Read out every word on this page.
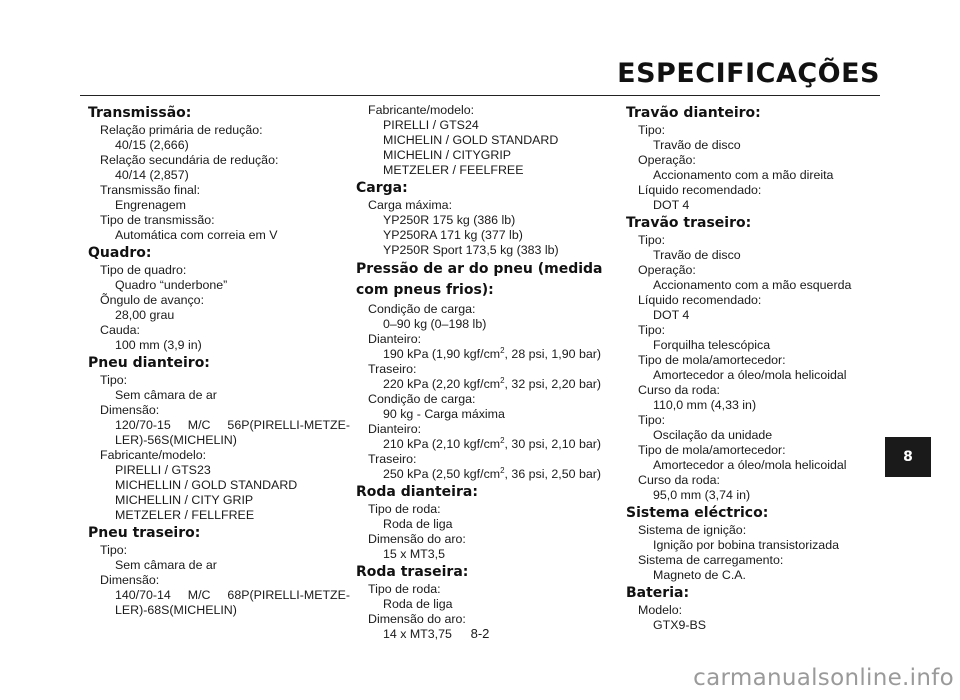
ESPECIFICAÇÕES
Transmissão:
Relação primária de redução:
40/15 (2,666)
Relação secundária de redução:
40/14 (2,857)
Transmissão final:
Engrenagem
Tipo de transmissão:
Automática com correia em V
Quadro:
Tipo de quadro:
Quadro “underbone”
Õngulo de avanço:
28,00 grau
Cauda:
100 mm (3,9 in)
Pneu dianteiro:
Tipo:
Sem câmara de ar
Dimensão:
120/70-15 M/C 56P(PIRELLI-METZE-
LER)-56S(MICHELIN)
Fabricante/modelo:
PIRELLI / GTS23
MICHELLIN / GOLD STANDARD
MICHELLIN / CITY GRIP
METZELER / FELLFREE
Pneu traseiro:
Tipo:
Sem câmara de ar
Dimensão:
140/70-14 M/C 68P(PIRELLI-METZE-
LER)-68S(MICHELIN)
Fabricante/modelo:
PIRELLI / GTS24
MICHELIN / GOLD STANDARD
MICHELIN / CITYGRIP
METZELER / FEELFREE
Carga:
Carga máxima:
YP250R 175 kg (386 lb)
YP250RA 171 kg (377 lb)
YP250R Sport 173,5 kg (383 lb)
Pressão de ar do pneu (medida com pneus frios):
Condição de carga:
0–90 kg (0–198 lb)
Dianteiro:
190 kPa (1,90 kgf/$cm^2$, 28 psi, 1,90 bar)
Traseiro:
220 kPa (2,20 kgf/$cm^2$, 32 psi, 2,20 bar)
Condição de carga:
90 kg - Carga máxima
Dianteiro:
210 kPa (2,10 kgf/$cm^2$, 30 psi, 2,10 bar)
Traseiro:
250 kPa (2,50 kgf/$cm^2$, 36 psi, 2,50 bar)
Roda dianteira:
Tipo de roda:
Roda de liga
Dimensão do aro:
15 x MT3,5
Roda traseira:
Tipo de roda:
Roda de liga
Dimensão do aro:
14 x MT3,75
Travão dianteiro:
Tipo:
Travão de disco
Operação:
Accionamento com a mão direita
Líquido recomendado:
DOT 4
Travão traseiro:
Tipo:
Travão de disco
Operação:
Accionamento com a mão esquerda
Líquido recomendado:
DOT 4
Tipo:
Forquilha telescópica
Tipo de mola/amortecedor:
Amortecedor a óleo/mola helicoidal
Curso da roda:
110,0 mm (4,33 in)
Tipo:
Oscilação da unidade
Tipo de mola/amortecedor:
Amortecedor a óleo/mola helicoidal
Curso da roda:
95,0 mm (3,74 in)
Sistema eléctrico:
Sistema de ignição:
Ignição por bobina transistorizada
Sistema de carregamento:
Magneto de C.A.
Bateria:
Modelo:
GTX9-BS
8-2
8
carmanualsonline.info
